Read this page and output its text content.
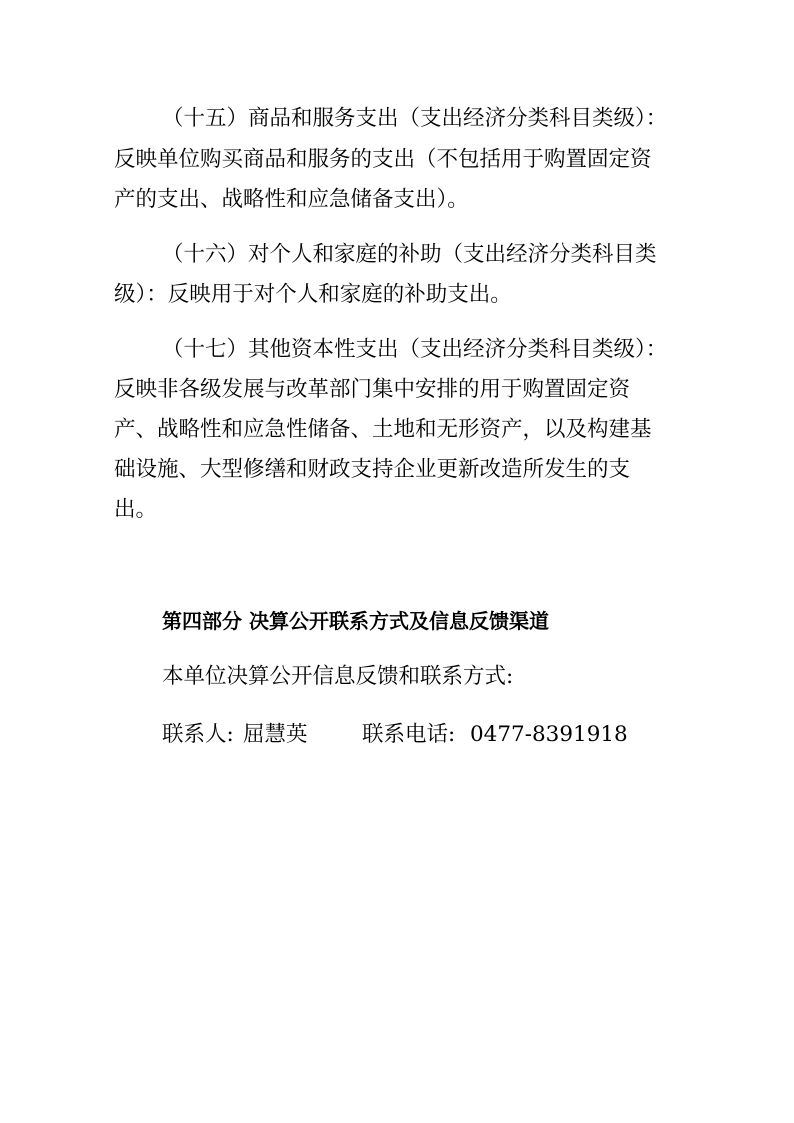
（十五）商品和服务支出（支出经济分类科目类级）：
反映单位购买商品和服务的支出（不包括用于购置固定资
产的支出、战略性和应急储备支出）。
（十六）对个人和家庭的补助（支出经济分类科目类
级）：反映用于对个人和家庭的补助支出。
（十七）其他资本性支出（支出经济分类科目类级）：
反映非各级发展与改革部门集中安排的用于购置固定资
产、战略性和应急性储备、土地和无形资产，以及构建基
础设施、大型修缮和财政支持企业更新改造所发生的支
出。
第四部分 决算公开联系方式及信息反馈渠道
本单位决算公开信息反馈和联系方式:
联系人: 屈慧英	联系电话: 0477-8391918
